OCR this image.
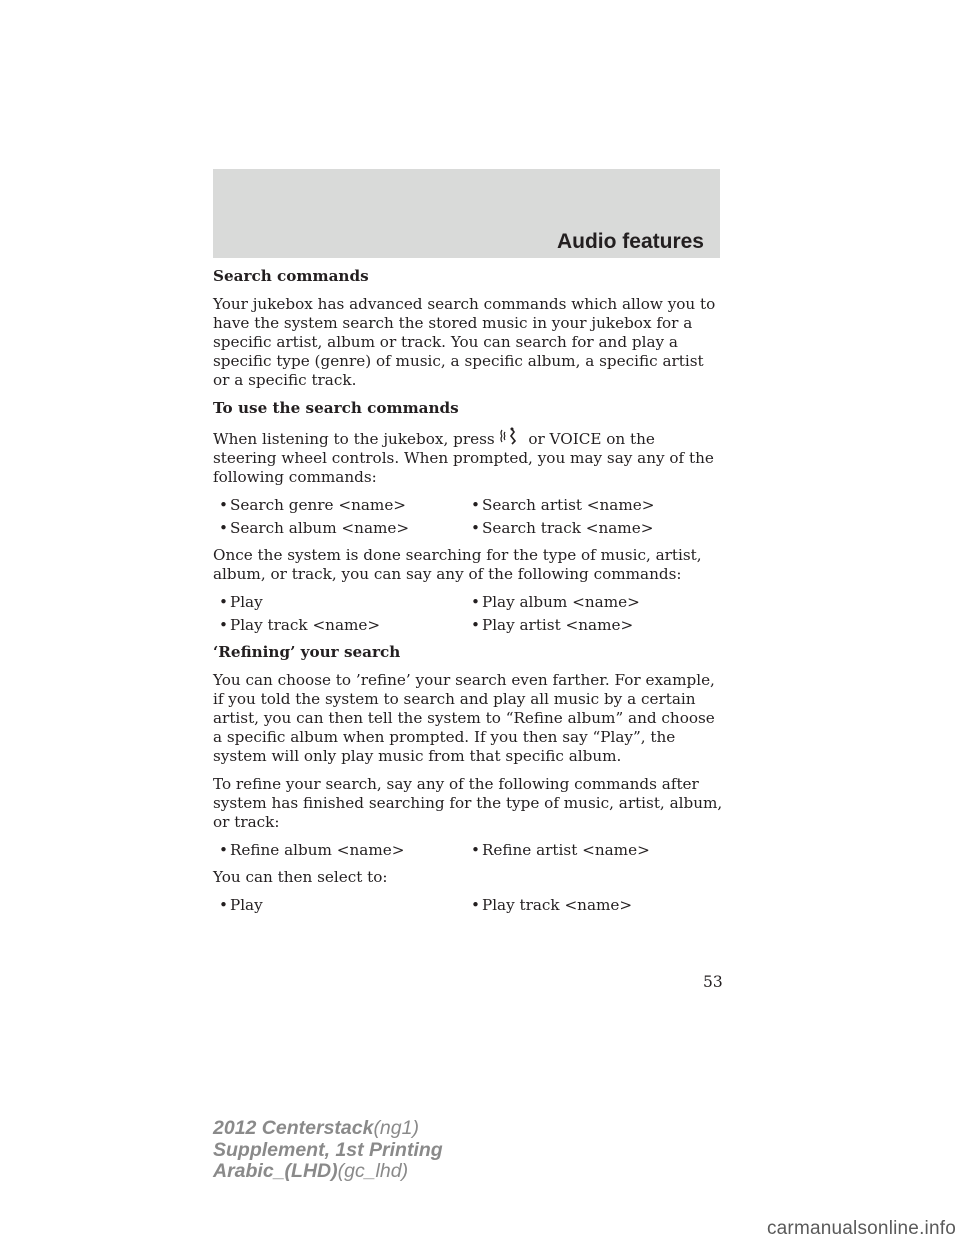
Audio features

Search commands

Your jukebox has advanced search commands which allow you to have the system search the stored music in your jukebox for a specific artist, album or track. You can search for and play a specific type (genre) of music, a specific album, a specific artist or a specific track.

To use the search commands

When listening to the jukebox, press or VOICE on the steering wheel controls. When prompted, you may say any of the following commands:

• Search genre <name>	• Search artist <name>
• Search album <name>	• Search track <name>

Once the system is done searching for the type of music, artist, album, or track, you can say any of the following commands:

• Play	• Play album <name>
• Play track <name>	• Play artist <name>

‘Refining’ your search

You can choose to ’refine’ your search even farther. For example, if you told the system to search and play all music by a certain artist, you can then tell the system to “Refine album” and choose a specific album when prompted. If you then say “Play”, the system will only play music from that specific album.

To refine your search, say any of the following commands after system has finished searching for the type of music, artist, album, or track:

• Refine album <name>	• Refine artist <name>

You can then select to:

• Play	• Play track <name>
53
2012 Centerstack(ng1)
Supplement, 1st Printing
Arabic_(LHD)(gc_lhd)
carmanualsonline.info
